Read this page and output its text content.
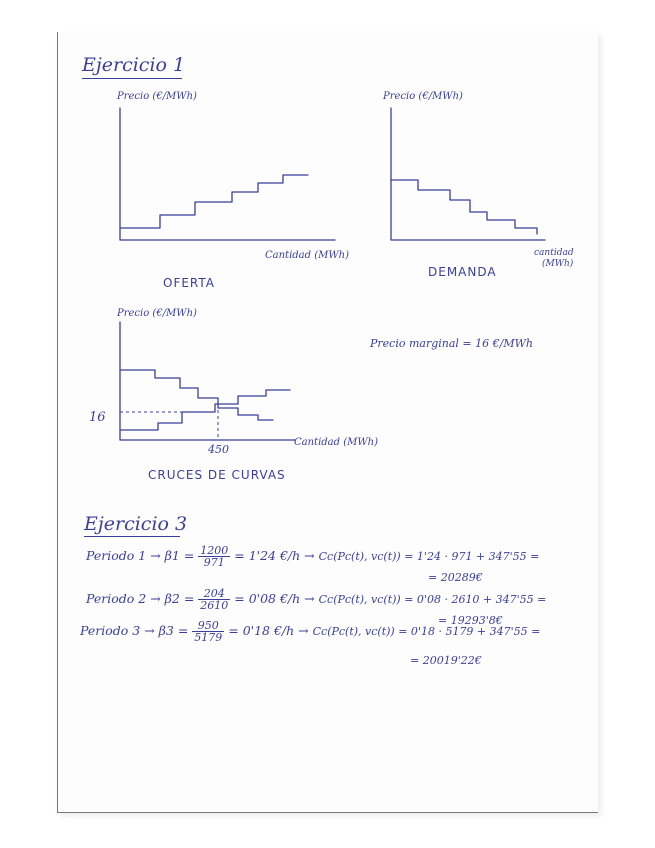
Ejercicio 1
Precio (€/MWh)
Cantidad (MWh)
OFERTA
Precio (€/MWh)
cantidad
(MWh)
DEMANDA
Precio (€/MWh)
16
450
Cantidad (MWh)
CRUCES DE CURVAS
Precio marginal = 16 €/MWh
Ejercicio 3
Periodo $1 \to \beta 1 = \frac{1200}{971} = 1'24$ €/h → Cc(Pc(t), vc(t)) = 1'24 · 971 + 347'55 =
= 20289€
Periodo $2 \to \beta 2 = \frac{204}{2610} = 0'08$ €/h → Cc(Pc(t), vc(t)) = 0'08 · 2610 + 347'55 =
= 19293'8€
Periodo $3 \to \beta 3 = \frac{950}{5179} = 0'18$ €/h → Cc(Pc(t), vc(t)) = 0'18 · 5179 + 347'55 =
= 20019'22€
